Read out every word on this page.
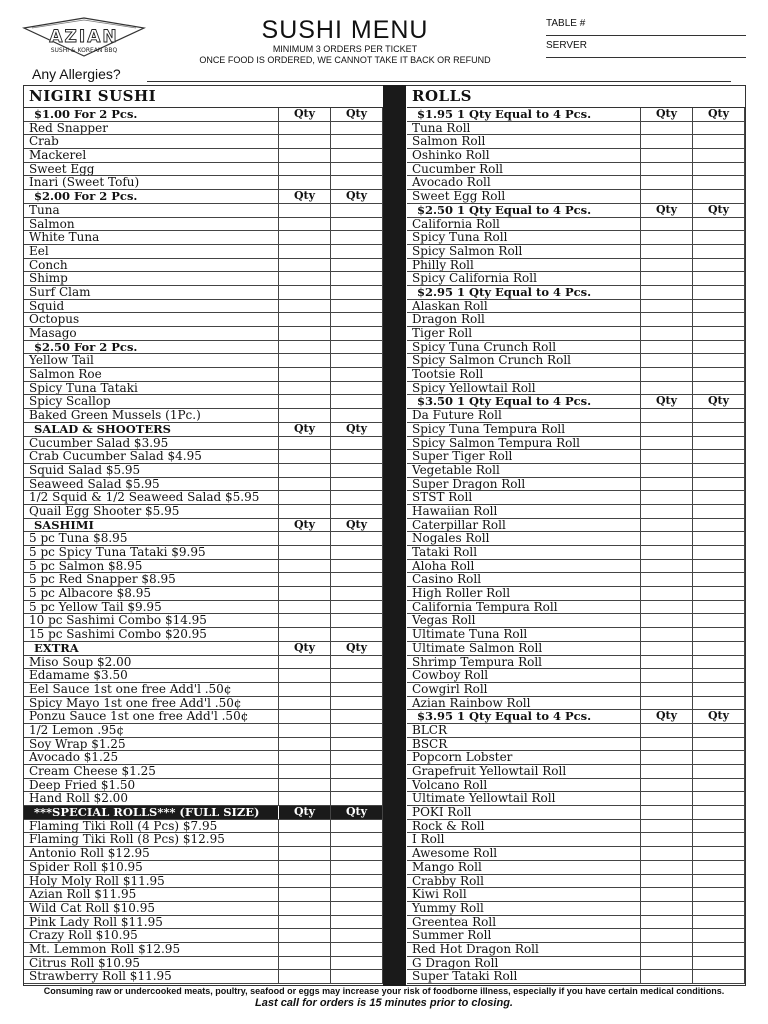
AZIAN
SUSHI & KOREAN BBQ
SUSHI MENU
MINIMUM 3 ORDERS PER TICKET
ONCE FOOD IS ORDERED, WE CANNOT TAKE IT BACK OR REFUND
TABLE #
SERVER
Any Allergies?
NIGIRI SUSHI
$1.00 For 2 Pcs.	Qty	Qty
Red Snapper
Crab
Mackerel
Sweet Egg
Inari (Sweet Tofu)
$2.00 For 2 Pcs.	Qty	Qty
Tuna
Salmon
White Tuna
Eel
Conch
Shimp
Surf Clam
Squid
Octopus
Masago
$2.50 For 2 Pcs.
Yellow Tail
Salmon Roe
Spicy Tuna Tataki
Spicy Scallop
Baked Green Mussels (1Pc.)
SALAD & SHOOTERS	Qty	Qty
Cucumber Salad $3.95
Crab Cucumber Salad $4.95
Squid Salad $5.95
Seaweed Salad $5.95
1/2 Squid & 1/2 Seaweed Salad $5.95
Quail Egg Shooter $5.95
SASHIMI	Qty	Qty
5 pc Tuna $8.95
5 pc Spicy Tuna Tataki $9.95
5 pc Salmon $8.95
5 pc Red Snapper $8.95
5 pc Albacore $8.95
5 pc Yellow Tail $9.95
10 pc Sashimi Combo $14.95
15 pc Sashimi Combo $20.95
EXTRA	Qty	Qty
Miso Soup $2.00
Edamame $3.50
Eel Sauce 1st one free Add'l .50¢
Spicy Mayo 1st one free Add'l .50¢
Ponzu Sauce 1st one free Add'l .50¢
1/2 Lemon .95¢
Soy Wrap $1.25
Avocado $1.25
Cream Cheese $1.25
Deep Fried $1.50
Hand Roll $2.00
***SPECIAL ROLLS*** (FULL SIZE)	Qty	Qty
Flaming Tiki Roll (4 Pcs) $7.95
Flaming Tiki Roll (8 Pcs) $12.95
Antonio Roll $12.95
Spider Roll $10.95
Holy Moly Roll $11.95
Azian Roll $11.95
Wild Cat Roll $10.95
Pink Lady Roll $11.95
Crazy Roll $10.95
Mt. Lemmon Roll $12.95
Citrus Roll $10.95
Strawberry Roll $11.95
ROLLS
$1.95 1 Qty Equal to 4 Pcs.	Qty	Qty
Tuna Roll
Salmon Roll
Oshinko Roll
Cucumber Roll
Avocado Roll
Sweet Egg Roll
$2.50 1 Qty Equal to 4 Pcs.	Qty	Qty
California Roll
Spicy Tuna Roll
Spicy Salmon Roll
Philly Roll
Spicy California Roll
$2.95 1 Qty Equal to 4 Pcs.
Alaskan Roll
Dragon Roll
Tiger Roll
Spicy Tuna Crunch Roll
Spicy Salmon Crunch Roll
Tootsie Roll
Spicy Yellowtail Roll
$3.50 1 Qty Equal to 4 Pcs.	Qty	Qty
Da Future Roll
Spicy Tuna Tempura Roll
Spicy Salmon Tempura Roll
Super Tiger Roll
Vegetable Roll
Super Dragon Roll
STST Roll
Hawaiian Roll
Caterpillar Roll
Nogales Roll
Tataki Roll
Aloha Roll
Casino Roll
High Roller Roll
California Tempura Roll
Vegas Roll
Ultimate Tuna Roll
Ultimate Salmon Roll
Shrimp Tempura Roll
Cowboy Roll
Cowgirl Roll
Azian Rainbow Roll
$3.95 1 Qty Equal to 4 Pcs.	Qty	Qty
BLCR
BSCR
Popcorn Lobster
Grapefruit Yellowtail Roll
Volcano Roll
Ultimate Yellowtail Roll
POKI Roll
Rock & Roll
I Roll
Awesome Roll
Mango Roll
Crabby Roll
Kiwi Roll
Yummy Roll
Greentea Roll
Summer Roll
Red Hot Dragon Roll
G Dragon Roll
Super Tataki Roll
Consuming raw or undercooked meats, poultry, seafood or eggs may increase your risk of foodborne illness, especially if you have certain medical conditions.
Last call for orders is 15 minutes prior to closing.
